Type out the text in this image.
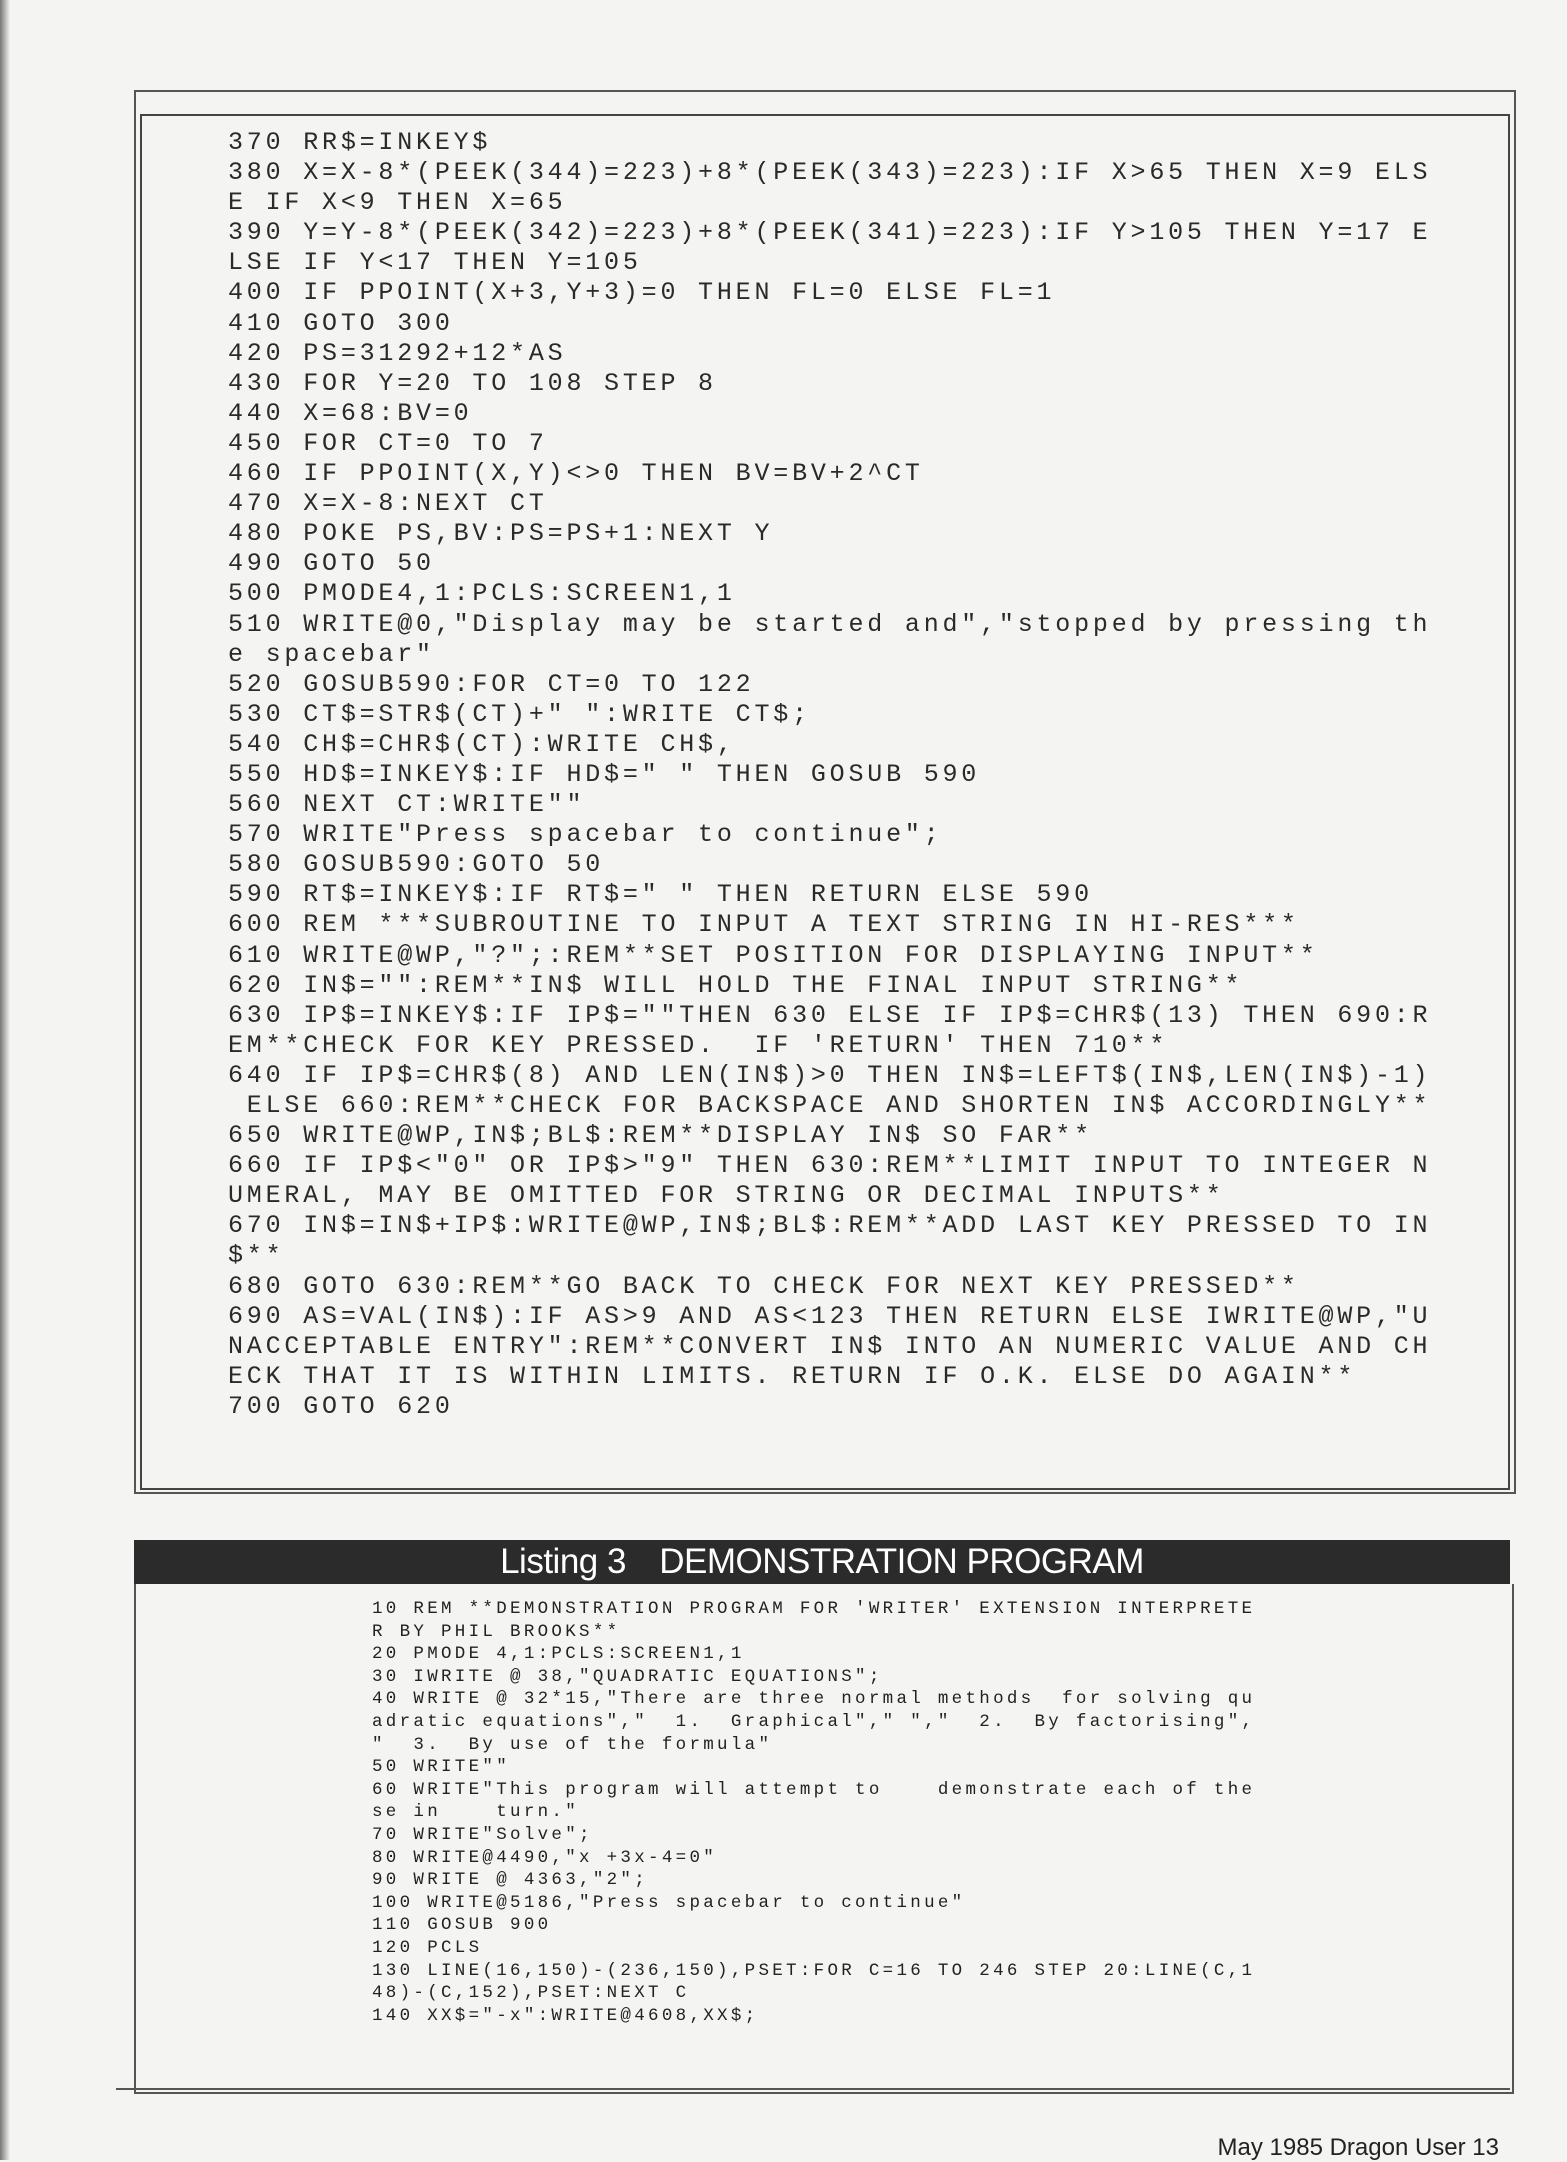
370 RR$=INKEY$
380 X=X-8*(PEEK(344)=223)+8*(PEEK(343)=223):IF X>65 THEN X=9 ELS
E IF X<9 THEN X=65
390 Y=Y-8*(PEEK(342)=223)+8*(PEEK(341)=223):IF Y>105 THEN Y=17 E
LSE IF Y<17 THEN Y=105
400 IF PPOINT(X+3,Y+3)=0 THEN FL=0 ELSE FL=1
410 GOTO 300
420 PS=31292+12*AS
430 FOR Y=20 TO 108 STEP 8
440 X=68:BV=0
450 FOR CT=0 TO 7
460 IF PPOINT(X,Y)<>0 THEN BV=BV+2^CT
470 X=X-8:NEXT CT
480 POKE PS,BV:PS=PS+1:NEXT Y
490 GOTO 50
500 PMODE4,1:PCLS:SCREEN1,1
510 WRITE@0,"Display may be started and","stopped by pressing th
e spacebar"
520 GOSUB590:FOR CT=0 TO 122
530 CT$=STR$(CT)+" ":WRITE CT$;
540 CH$=CHR$(CT):WRITE CH$,
550 HD$=INKEY$:IF HD$=" " THEN GOSUB 590
560 NEXT CT:WRITE""
570 WRITE"Press spacebar to continue";
580 GOSUB590:GOTO 50
590 RT$=INKEY$:IF RT$=" " THEN RETURN ELSE 590
600 REM ***SUBROUTINE TO INPUT A TEXT STRING IN HI-RES***
610 WRITE@WP,"?";:REM**SET POSITION FOR DISPLAYING INPUT**
620 IN$="":REM**IN$ WILL HOLD THE FINAL INPUT STRING**
630 IP$=INKEY$:IF IP$=""THEN 630 ELSE IF IP$=CHR$(13) THEN 690:R
EM**CHECK FOR KEY PRESSED.  IF 'RETURN' THEN 710**
640 IF IP$=CHR$(8) AND LEN(IN$)>0 THEN IN$=LEFT$(IN$,LEN(IN$)-1)
ELSE 660:REM**CHECK FOR BACKSPACE AND SHORTEN IN$ ACCORDINGLY**
650 WRITE@WP,IN$;BL$:REM**DISPLAY IN$ SO FAR**
660 IF IP$<"0" OR IP$>"9" THEN 630:REM**LIMIT INPUT TO INTEGER N
UMERAL, MAY BE OMITTED FOR STRING OR DECIMAL INPUTS**
670 IN$=IN$+IP$:WRITE@WP,IN$;BL$:REM**ADD LAST KEY PRESSED TO IN
$**
680 GOTO 630:REM**GO BACK TO CHECK FOR NEXT KEY PRESSED**
690 AS=VAL(IN$):IF AS>9 AND AS<123 THEN RETURN ELSE IWRITE@WP,"U
NACCEPTABLE ENTRY":REM**CONVERT IN$ INTO AN NUMERIC VALUE AND CH
ECK THAT IT IS WITHIN LIMITS. RETURN IF O.K. ELSE DO AGAIN**
700 GOTO 620
Listing 3 DEMONSTRATION PROGRAM
10 REM **DEMONSTRATION PROGRAM FOR 'WRITER' EXTENSION INTERPRETE
R BY PHIL BROOKS**
20 PMODE 4,1:PCLS:SCREEN1,1
30 IWRITE @ 38,"QUADRATIC EQUATIONS";
40 WRITE @ 32*15,"There are three normal methods  for solving qu
adratic equations","  1.  Graphical"," ","  2.  By factorising",
"  3.  By use of the formula"
50 WRITE""
60 WRITE"This program will attempt to    demonstrate each of the
se in    turn."
70 WRITE"Solve";
80 WRITE@4490,"x +3x-4=0"
90 WRITE @ 4363,"2";
100 WRITE@5186,"Press spacebar to continue"
110 GOSUB 900
120 PCLS
130 LINE(16,150)-(236,150),PSET:FOR C=16 TO 246 STEP 20:LINE(C,1
48)-(C,152),PSET:NEXT C
140 XX$="-x":WRITE@4608,XX$;
May 1985 Dragon User 13
